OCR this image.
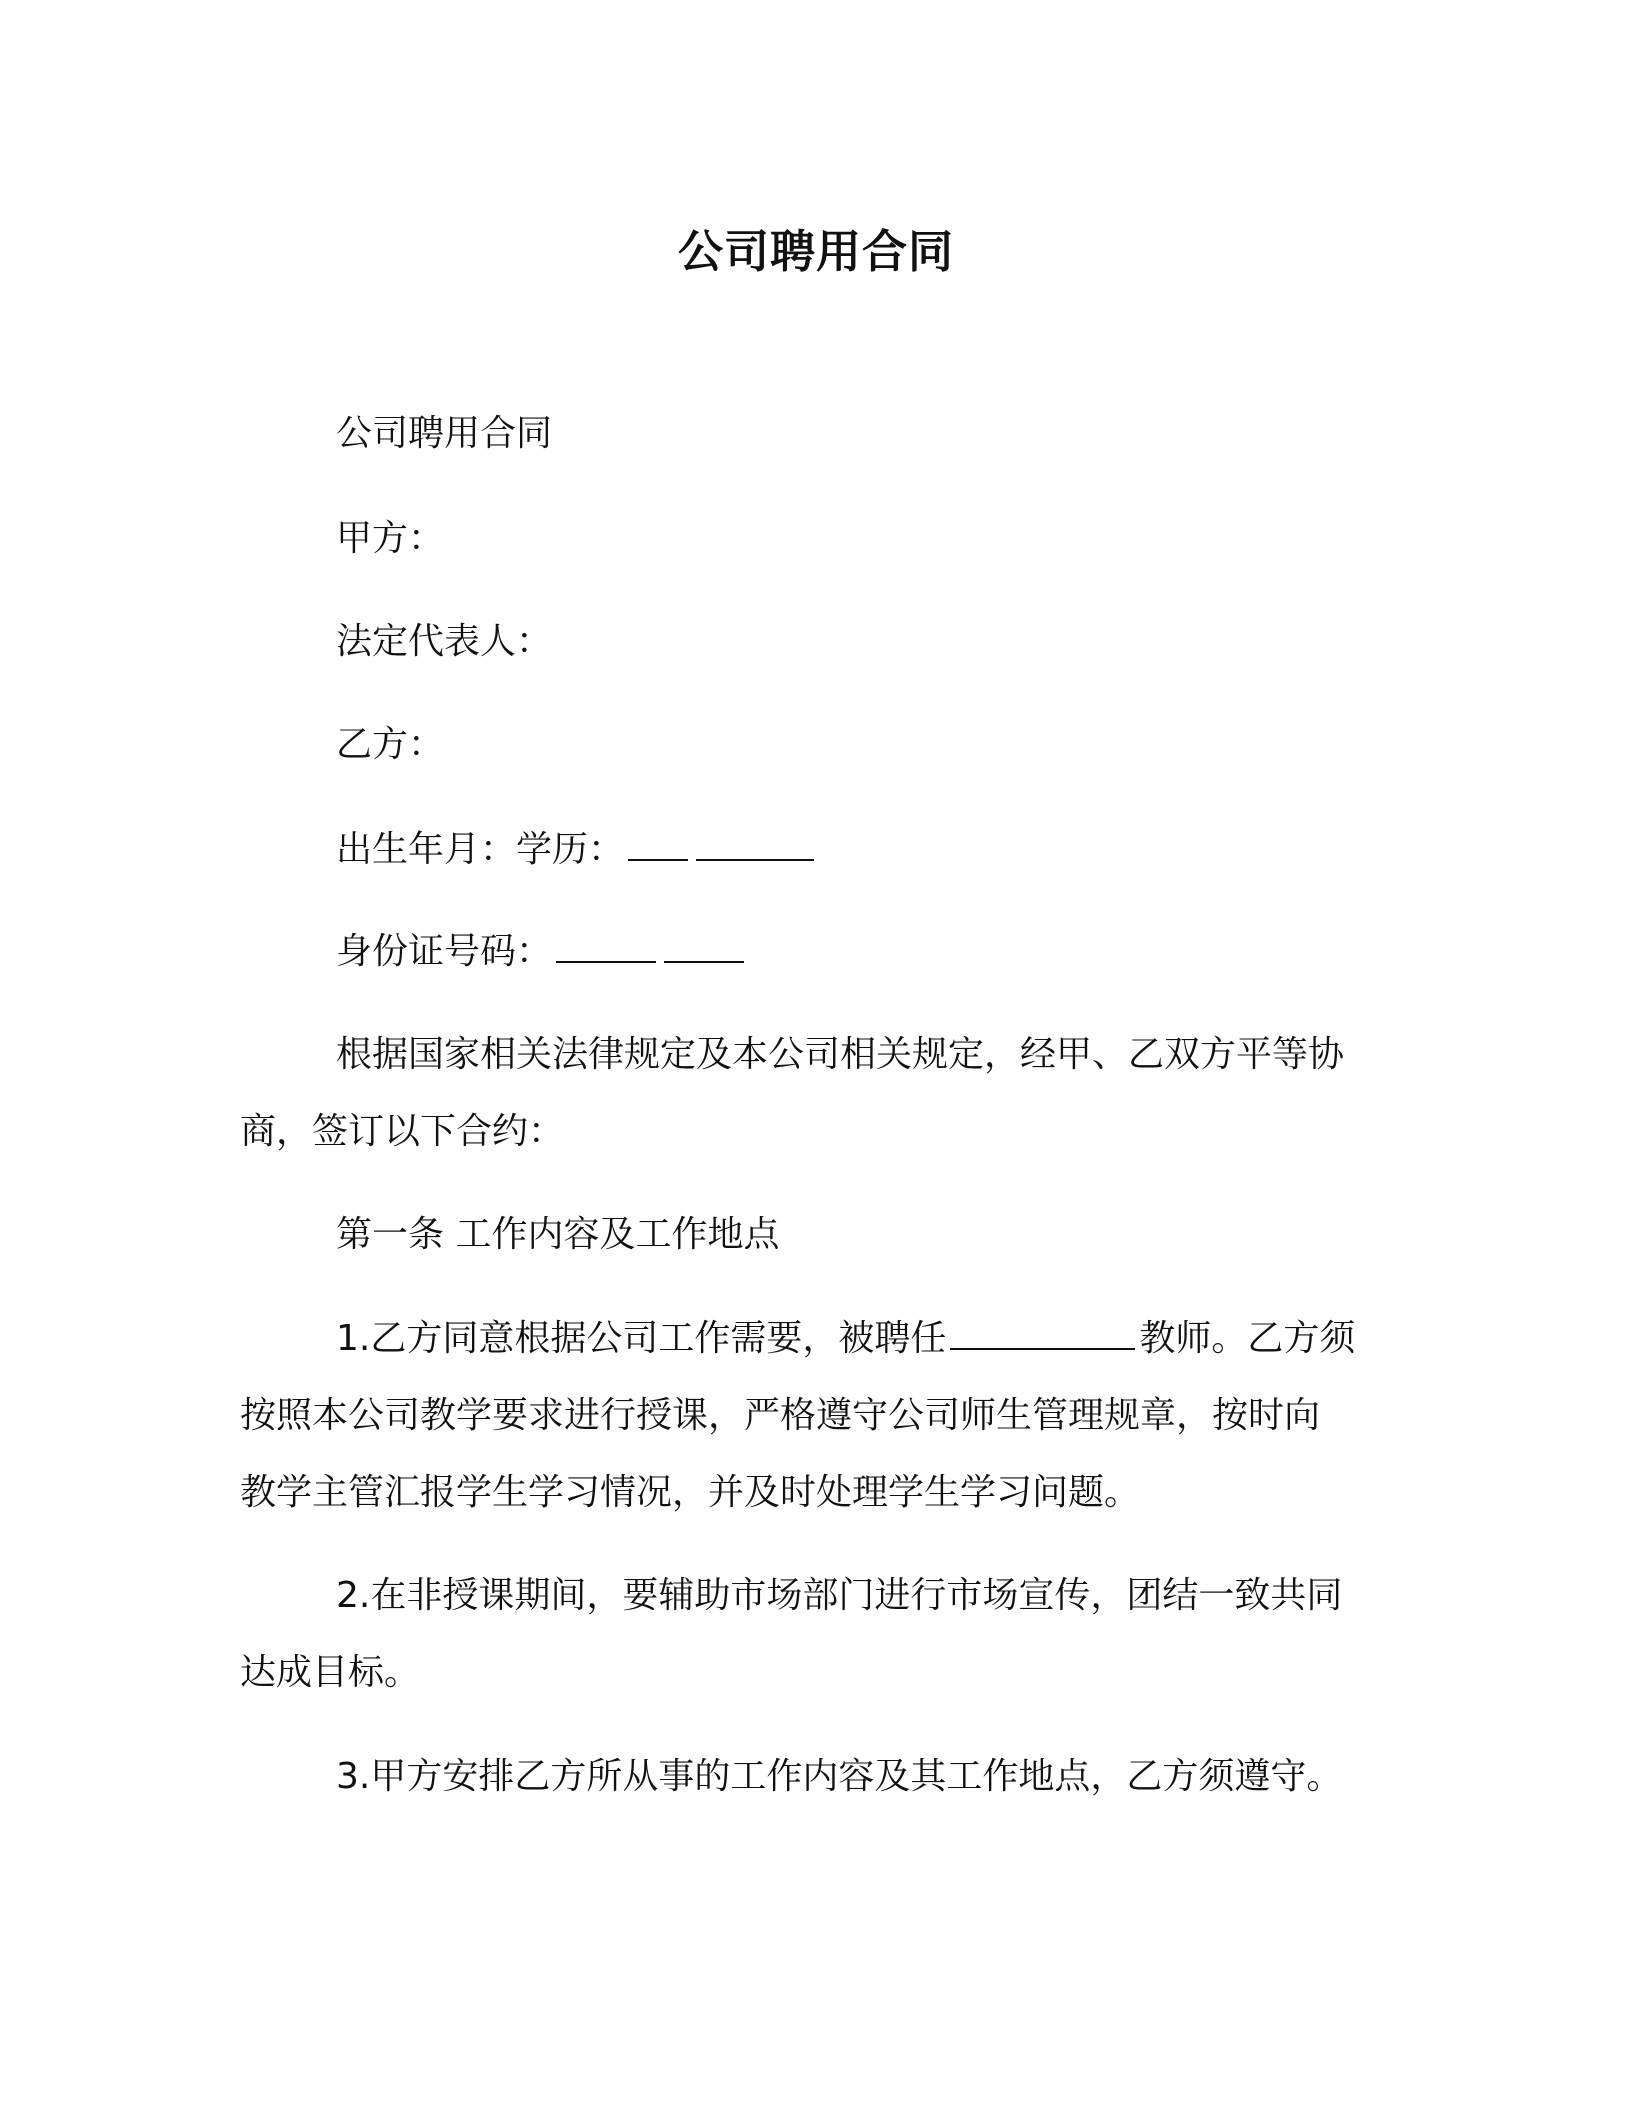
公司聘用合同
公司聘用合同
甲方：
法定代表人：
乙方：
出生年月：学历：
身份证号码：
根据国家相关法律规定及本公司相关规定，经甲、乙双方平等协
商，签订以下合约：
第一条 工作内容及工作地点
1.乙方同意根据公司工作需要，被聘任	教师。乙方须
按照本公司教学要求进行授课，严格遵守公司师生管理规章，按时向
教学主管汇报学生学习情况，并及时处理学生学习问题。
2.在非授课期间，要辅助市场部门进行市场宣传，团结一致共同
达成目标。
3.甲方安排乙方所从事的工作内容及其工作地点，乙方须遵守。
